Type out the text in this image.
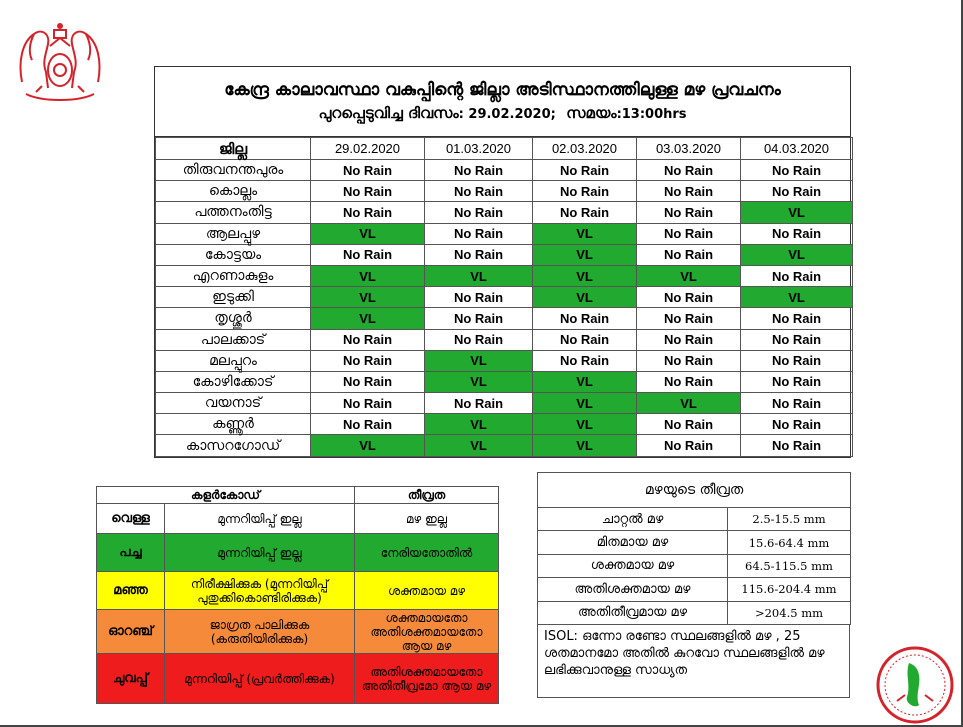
കേന്ദ്ര കാലാവസ്ഥാ വകുപ്പിന്റെ ജില്ലാ അടിസ്ഥാനത്തിലുള്ള മഴ പ്രവചനം
പുറപ്പെടുവിച്ച ദിവസം: 29.02.2020; സമയം:13:00hrs
ജില്ല	29.02.2020	01.03.2020	02.03.2020	03.03.2020	04.03.2020
തിരുവനന്തപുരം	No Rain	No Rain	No Rain	No Rain	No Rain
കൊല്ലം	No Rain	No Rain	No Rain	No Rain	No Rain
പത്തനംതിട്ട	No Rain	No Rain	No Rain	No Rain	VL
ആലപ്പുഴ	VL	No Rain	VL	No Rain	No Rain
കോട്ടയം	No Rain	No Rain	VL	No Rain	VL
എറണാകുളം	VL	VL	VL	VL	No Rain
ഇടുക്കി	VL	No Rain	VL	No Rain	VL
തൃശ്ശൂർ	VL	No Rain	No Rain	No Rain	No Rain
പാലക്കാട്	No Rain	No Rain	No Rain	No Rain	No Rain
മലപ്പുറം	No Rain	VL	No Rain	No Rain	No Rain
കോഴിക്കോട്	No Rain	VL	VL	No Rain	No Rain
വയനാട്	No Rain	No Rain	VL	VL	No Rain
കണ്ണൂർ	No Rain	VL	VL	No Rain	No Rain
കാസറഗോഡ്	VL	VL	VL	No Rain	No Rain
കളർകോഡ്		തീവ്രത
വെള്ള	മുന്നറിയിപ്പ് ഇല്ല	മഴ ഇല്ല
പച്ച	മുന്നറിയിപ്പ് ഇല്ല	നേരിയതോതിൽ
മഞ്ഞ	നിരീക്ഷിക്കുക (മുന്നറിയിപ്പ് പുതുക്കികൊണ്ടിരിക്കുക)	ശക്തമായ മഴ
ഓറഞ്ച്	ജാഗ്രത പാലിക്കുക (കരുതിയിരിക്കുക)	ശക്തമായതോ അതിശക്തമായതോ ആയ മഴ
ചുവപ്പ്	മുന്നറിയിപ്പ് (പ്രവർത്തിക്കുക)	അതിശക്തമായതോ അതിതീവ്രമോ ആയ മഴ
മഴയുടെ തീവ്രത	
ചാറ്റൽ മഴ	2.5-15.5 mm
മിതമായ മഴ	15.6-64.4 mm
ശക്തമായ മഴ	64.5-115.5 mm
അതിശക്തമായ മഴ	115.6-204.4 mm
അതിതീവ്രമായ മഴ	>204.5 mm
ISOL: ഒന്നോ രണ്ടോ സ്ഥലങ്ങളിൽ മഴ , 25 ശതമാനമോ അതിൽ കുറവോ സ്ഥലങ്ങളിൽ മഴ ലഭിക്കുവാനുള്ള സാധ്യത
